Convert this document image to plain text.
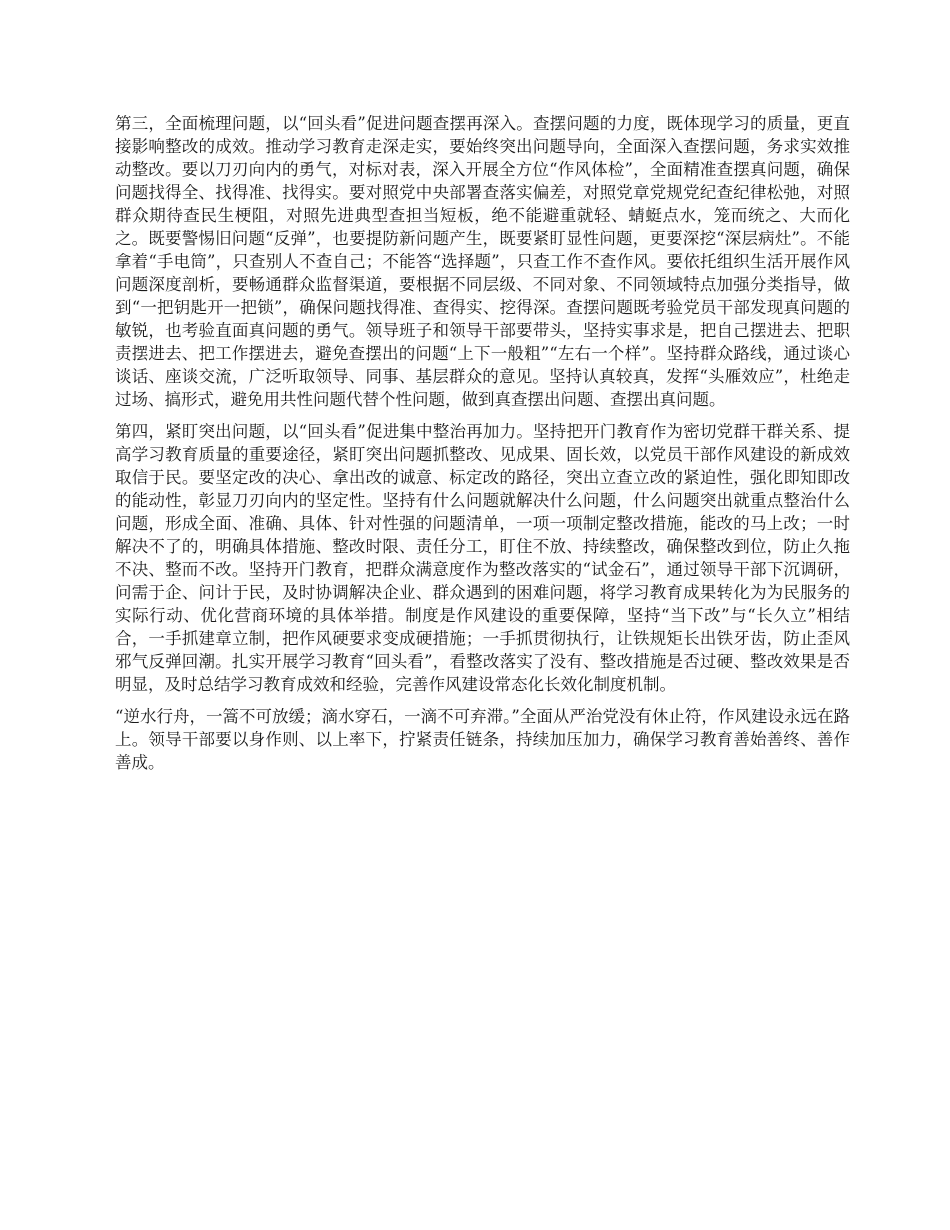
第三，全面梳理问题，以“回头看”促进问题查摆再深入。查摆问题的力度，既体现学习的质量，更直接影响整改的成效。推动学习教育走深走实，要始终突出问题导向，全面深入查摆问题，务求实效推动整改。要以刀刃向内的勇气，对标对表，深入开展全方位“作风体检”，全面精准查摆真问题，确保问题找得全、找得准、找得实。要对照党中央部署查落实偏差，对照党章党规党纪查纪律松弛，对照群众期待查民生梗阻，对照先进典型查担当短板，绝不能避重就轻、蜻蜓点水，笼而统之、大而化之。既要警惕旧问题“反弹”，也要提防新问题产生，既要紧盯显性问题，更要深挖“深层病灶”。不能拿着“手电筒”，只查别人不查自己；不能答“选择题”，只查工作不查作风。要依托组织生活开展作风问题深度剖析，要畅通群众监督渠道，要根据不同层级、不同对象、不同领域特点加强分类指导，做到“一把钥匙开一把锁”，确保问题找得准、查得实、挖得深。查摆问题既考验党员干部发现真问题的敏锐，也考验直面真问题的勇气。领导班子和领导干部要带头，坚持实事求是，把自己摆进去、把职责摆进去、把工作摆进去，避免查摆出的问题“上下一般粗”“左右一个样”。坚持群众路线，通过谈心谈话、座谈交流，广泛听取领导、同事、基层群众的意见。坚持认真较真，发挥“头雁效应”，杜绝走过场、搞形式，避免用共性问题代替个性问题，做到真查摆出问题、查摆出真问题。

第四，紧盯突出问题，以“回头看”促进集中整治再加力。坚持把开门教育作为密切党群干群关系、提高学习教育质量的重要途径，紧盯突出问题抓整改、见成果、固长效，以党员干部作风建设的新成效取信于民。要坚定改的决心、拿出改的诚意、标定改的路径，突出立查立改的紧迫性，强化即知即改的能动性，彰显刀刃向内的坚定性。坚持有什么问题就解决什么问题，什么问题突出就重点整治什么问题，形成全面、准确、具体、针对性强的问题清单，一项一项制定整改措施，能改的马上改；一时解决不了的，明确具体措施、整改时限、责任分工，盯住不放、持续整改，确保整改到位，防止久拖不决、整而不改。坚持开门教育，把群众满意度作为整改落实的“试金石”，通过领导干部下沉调研，问需于企、问计于民，及时协调解决企业、群众遇到的困难问题，将学习教育成果转化为为民服务的实际行动、优化营商环境的具体举措。制度是作风建设的重要保障，坚持“当下改”与“长久立”相结合，一手抓建章立制，把作风硬要求变成硬措施；一手抓贯彻执行，让铁规矩长出铁牙齿，防止歪风邪气反弹回潮。扎实开展学习教育“回头看”，看整改落实了没有、整改措施是否过硬、整改效果是否明显，及时总结学习教育成效和经验，完善作风建设常态化长效化制度机制。

“逆水行舟，一篙不可放缓；滴水穿石，一滴不可弃滞。”全面从严治党没有休止符，作风建设永远在路上。领导干部要以身作则、以上率下，拧紧责任链条，持续加压加力，确保学习教育善始善终、善作善成。
